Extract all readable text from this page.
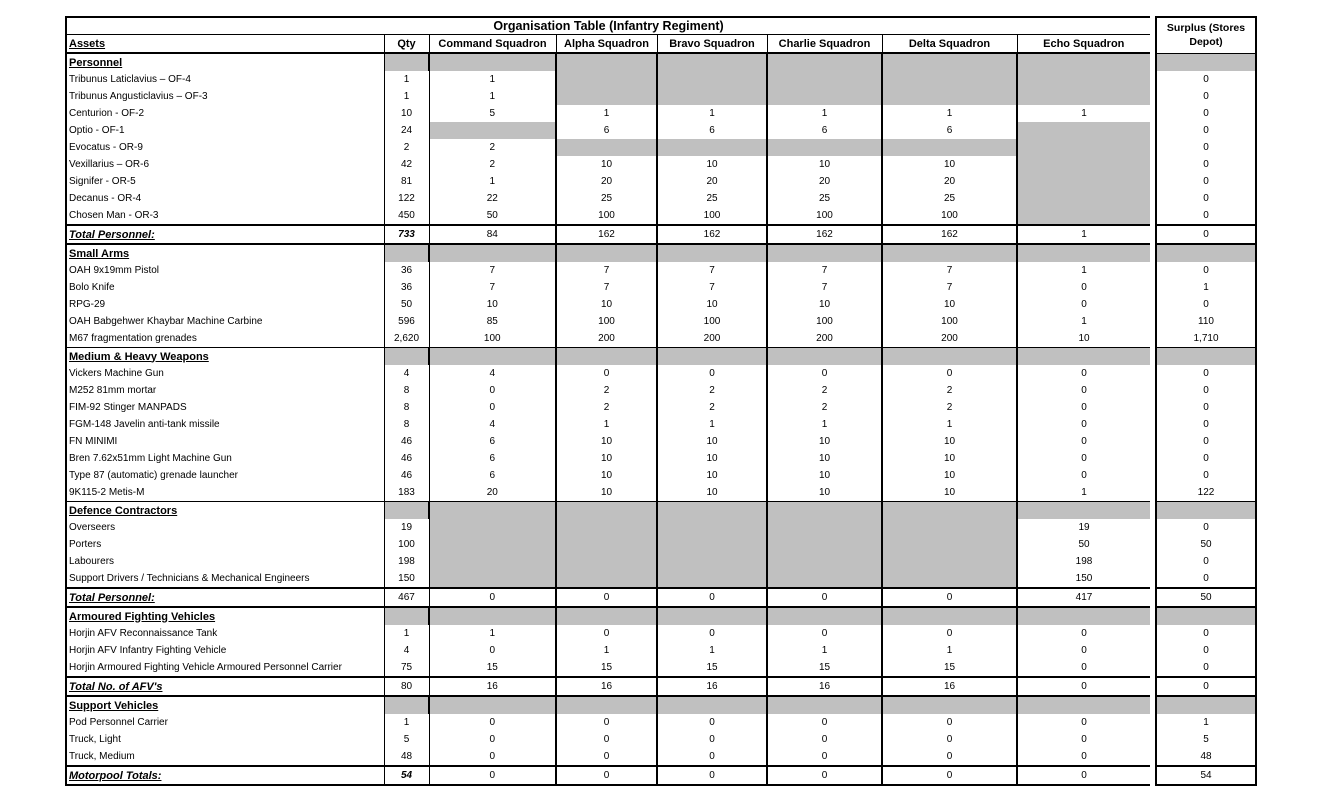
Organisation Table (Infantry Regiment)									Surplus (Stores Depot)
Assets	Qty	Command Squadron	Alpha Squadron	Bravo Squadron	Charlie Squadron	Delta Squadron	Echo Squadron		
Personnel									
Tribunus Laticlavius – OF-4	1	1							0
Tribunus Angusticlavius – OF-3	1	1							0
Centurion - OF-2	10	5	1	1	1	1	1		0
Optio - OF-1	24		6	6	6	6			0
Evocatus - OR-9	2	2							0
Vexillarius – OR-6	42	2	10	10	10	10			0
Signifer - OR-5	81	1	20	20	20	20			0
Decanus - OR-4	122	22	25	25	25	25			0
Chosen Man - OR-3	450	50	100	100	100	100			0
Total Personnel:	733	84	162	162	162	162	1		0
Small Arms									
OAH 9x19mm Pistol	36	7	7	7	7	7	1		0
Bolo Knife	36	7	7	7	7	7	0		1
RPG-29	50	10	10	10	10	10	0		0
OAH Babgehwer Khaybar Machine Carbine	596	85	100	100	100	100	1		110
M67 fragmentation grenades	2,620	100	200	200	200	200	10		1,710
Medium & Heavy Weapons									
Vickers Machine Gun	4	4	0	0	0	0	0		0
M252 81mm mortar	8	0	2	2	2	2	0		0
FIM-92 Stinger MANPADS	8	0	2	2	2	2	0		0
FGM-148 Javelin anti-tank missile	8	4	1	1	1	1	0		0
FN MINIMI	46	6	10	10	10	10	0		0
Bren 7.62x51mm Light Machine Gun	46	6	10	10	10	10	0		0
Type 87 (automatic) grenade launcher	46	6	10	10	10	10	0		0
9K115-2 Metis-M	183	20	10	10	10	10	1		122
Defence Contractors									
Overseers	19						19		0
Porters	100						50		50
Labourers	198						198		0
Support Drivers / Technicians & Mechanical Engineers	150						150		0
Total Personnel:	467	0	0	0	0	0	417		50
Armoured Fighting Vehicles									
Horjin AFV Reconnaissance Tank	1	1	0	0	0	0	0		0
Horjin AFV Infantry Fighting Vehicle	4	0	1	1	1	1	0		0
Horjin Armoured Fighting Vehicle Armoured Personnel Carrier	75	15	15	15	15	15	0		0
Total No. of AFV's	80	16	16	16	16	16	0		0
Support Vehicles									
Pod Personnel Carrier	1	0	0	0	0	0	0		1
Truck, Light	5	0	0	0	0	0	0		5
Truck, Medium	48	0	0	0	0	0	0		48
Motorpool Totals:	54	0	0	0	0	0	0		54
